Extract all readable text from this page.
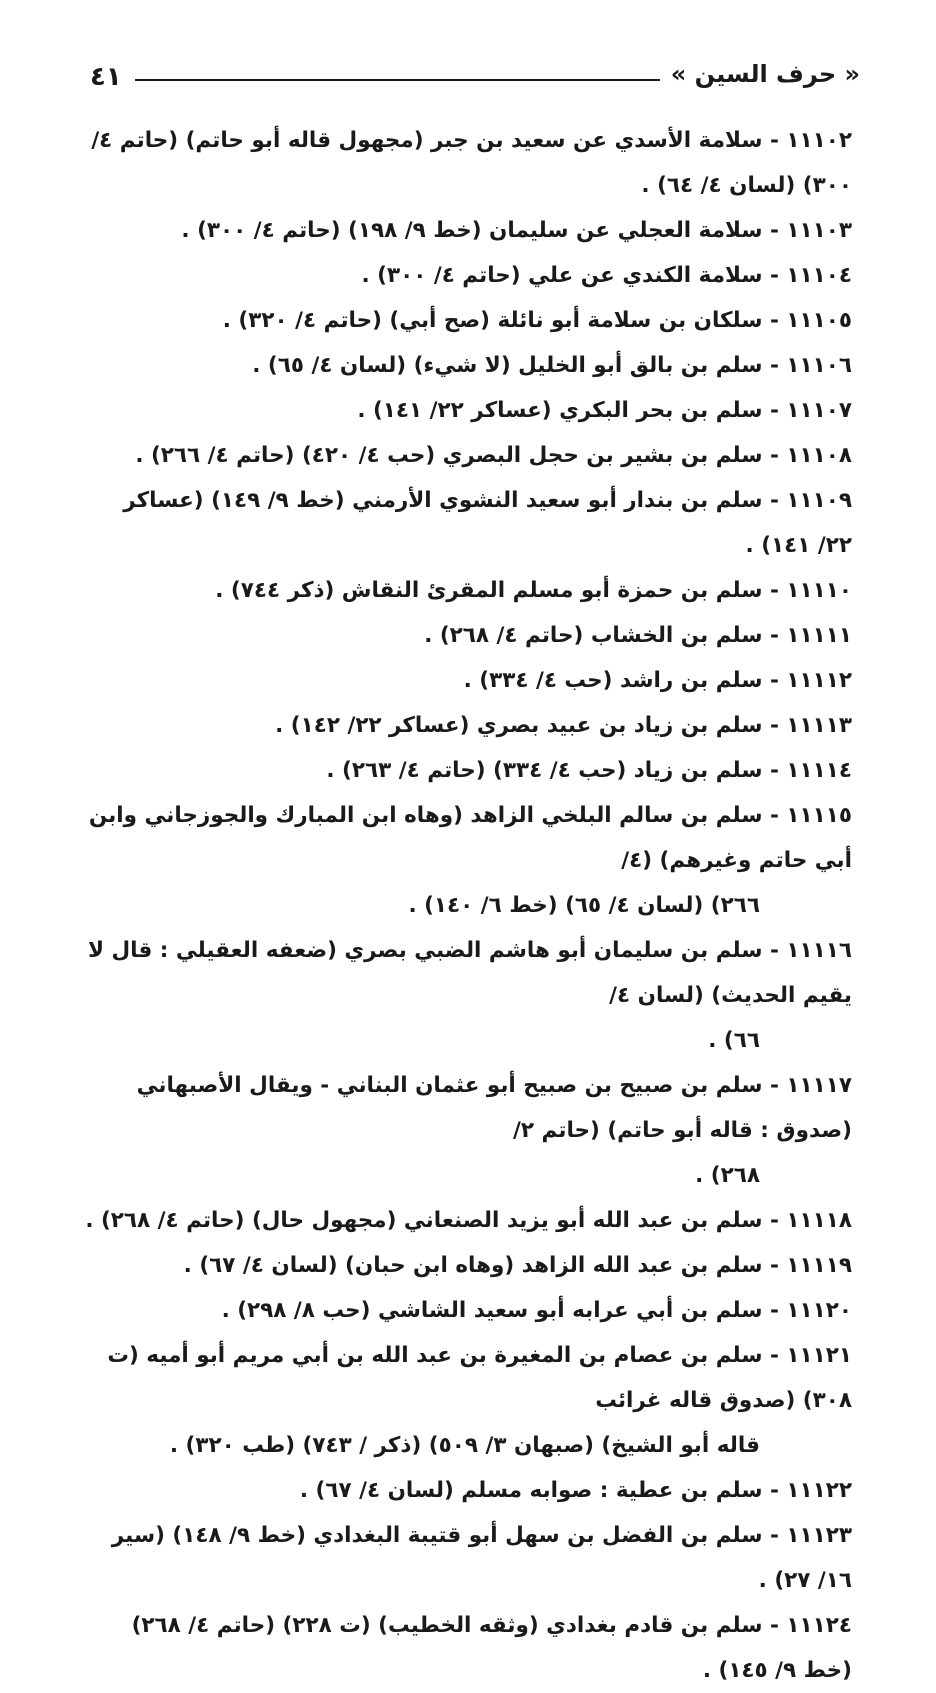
٤١	« حرف السين »
١١١٠٢ - سلامة الأسدي عن سعيد بن جبر (مجهول قاله أبو حاتم) (حاتم ٤/ ٣٠٠) (لسان ٤/ ٦٤) .
١١١٠٣ - سلامة العجلي عن سليمان (خط ٩/ ١٩٨) (حاتم ٤/ ٣٠٠) .
١١١٠٤ - سلامة الكندي عن علي (حاتم ٤/ ٣٠٠) .
١١١٠٥ - سلكان بن سلامة أبو نائلة (صح أبي) (حاتم ٤/ ٣٢٠) .
١١١٠٦ - سلم بن بالق أبو الخليل (لا شيء) (لسان ٤/ ٦٥) .
١١١٠٧ - سلم بن بحر البكري (عساكر ٢٢/ ١٤١) .
١١١٠٨ - سلم بن بشير بن حجل البصري (حب ٤/ ٤٢٠) (حاتم ٤/ ٢٦٦) .
١١١٠٩ - سلم بن بندار أبو سعيد النشوي الأرمني (خط ٩/ ١٤٩) (عساكر ٢٢/ ١٤١) .
١١١١٠ - سلم بن حمزة أبو مسلم المقرئ النقاش (ذكر ٧٤٤) .
١١١١١ - سلم بن الخشاب (حاتم ٤/ ٢٦٨) .
١١١١٢ - سلم بن راشد (حب ٤/ ٣٣٤) .
١١١١٣ - سلم بن زياد بن عبيد بصري (عساكر ٢٢/ ١٤٢) .
١١١١٤ - سلم بن زياد (حب ٤/ ٣٣٤) (حاتم ٤/ ٢٦٣) .
١١١١٥ - سلم بن سالم البلخي الزاهد (وهاه ابن المبارك والجوزجاني وابن أبي حاتم وغيرهم) (٤/
٢٦٦) (لسان ٤/ ٦٥) (خط ٦/ ١٤٠) .
١١١١٦ - سلم بن سليمان أبو هاشم الضبي بصري (ضعفه العقيلي : قال لا يقيم الحديث) (لسان ٤/
٦٦) .
١١١١٧ - سلم بن صبيح بن صبيح أبو عثمان البناني - ويقال الأصبهاني (صدوق : قاله أبو حاتم) (حاتم ٢/
٢٦٨) .
١١١١٨ - سلم بن عبد الله أبو يزيد الصنعاني (مجهول حال) (حاتم ٤/ ٢٦٨) .
١١١١٩ - سلم بن عبد الله الزاهد (وهاه ابن حبان) (لسان ٤/ ٦٧) .
١١١٢٠ - سلم بن أبي عرابه أبو سعيد الشاشي (حب ٨/ ٢٩٨) .
١١١٢١ - سلم بن عصام بن المغيرة بن عبد الله بن أبي مريم أبو أميه (ت ٣٠٨) (صدوق قاله غرائب
قاله أبو الشيخ) (صبهان ٣/ ٥٠٩) (ذكر / ٧٤٣) (طب ٣٢٠) .
١١١٢٢ - سلم بن عطية : صوابه مسلم (لسان ٤/ ٦٧) .
١١١٢٣ - سلم بن الفضل بن سهل أبو قتيبة البغدادي (خط ٩/ ١٤٨) (سير ١٦/ ٢٧) .
١١١٢٤ - سلم بن قادم بغدادي (وثقه الخطيب) (ت ٢٢٨) (حاتم ٤/ ٢٦٨) (خط ٩/ ١٤٥) .
